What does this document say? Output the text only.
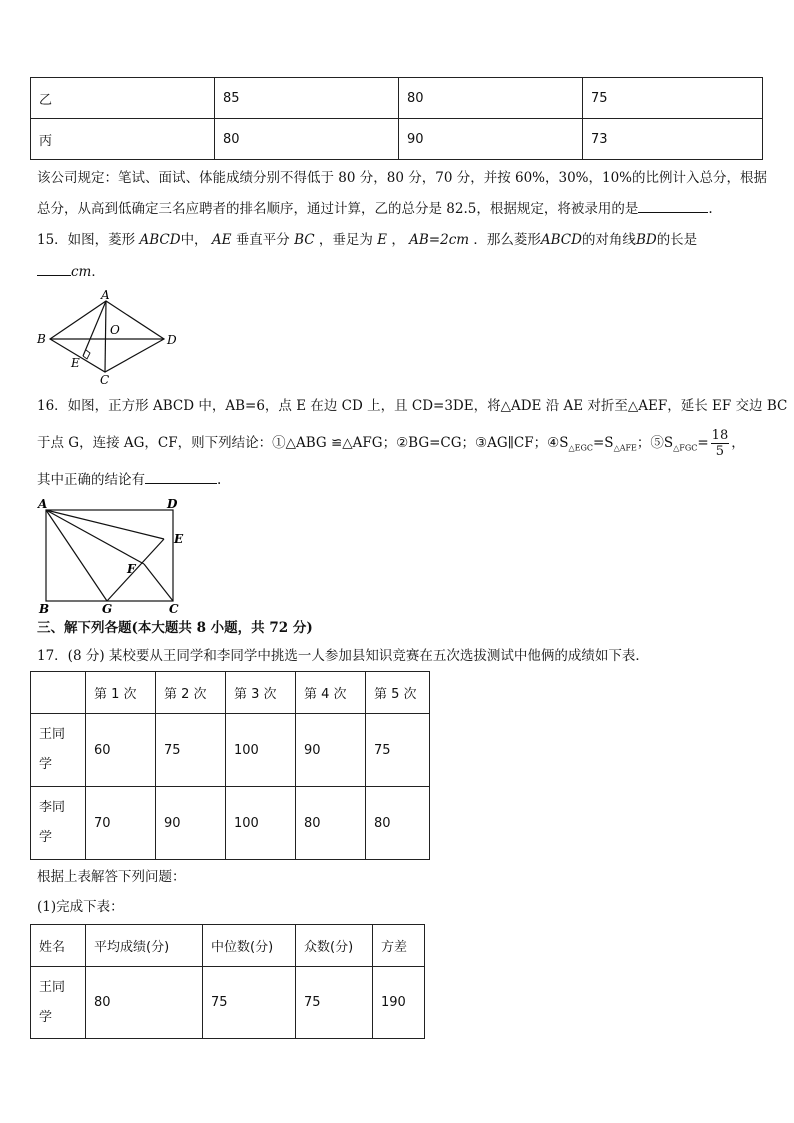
乙	85	80	75
丙	80	90	73
该公司规定：笔试、面试、体能成绩分别不得低于 80 分，80 分，70 分，并按 60%，30%，10%的比例计入总分，根据
总分，从高到低确定三名应聘者的排名顺序，通过计算，乙的总分是 82.5，根据规定，将被录用的是	.
15．如图，菱形 ABCD中， AE 垂直平分 BC ，垂足为 E ， AB=2cm ．那么菱形ABCD的对角线BD的长是
cm．
A
B
C
D
O
E
16．如图，正方形 ABCD 中，AB=6，点 E 在边 CD 上，且 CD=3DE，将△ADE 沿 AE 对折至△AEF，延长 EF 交边 BC
于点 G，连接 AG，CF，则下列结论：①△ABG ≌△AFG；②BG=CG；③AG∥CF；$④S_{\triangle EGC}=S_{\triangle AFE}$；$⑤S_{\triangle FGC}= \frac{18}{5}$ ，
其中正确的结论有	.
A	D
E
F
B	G	C
三、解下列各题(本大题共 8 小题，共 72 分)
17．(8 分) 某校要从王同学和李同学中挑选一人参加县知识竞赛在五次选拔测试中他俩的成绩如下表．
	第 1 次	第 2 次	第 3 次	第 4 次	第 5 次
王同
学	60	75	100	90	75
李同
学	70	90	100	80	80
根据上表解答下列问题：
(1)完成下表：
姓名	平均成绩(分)	中位数(分)	众数(分)	方差
王同
学	80	75	75	190
